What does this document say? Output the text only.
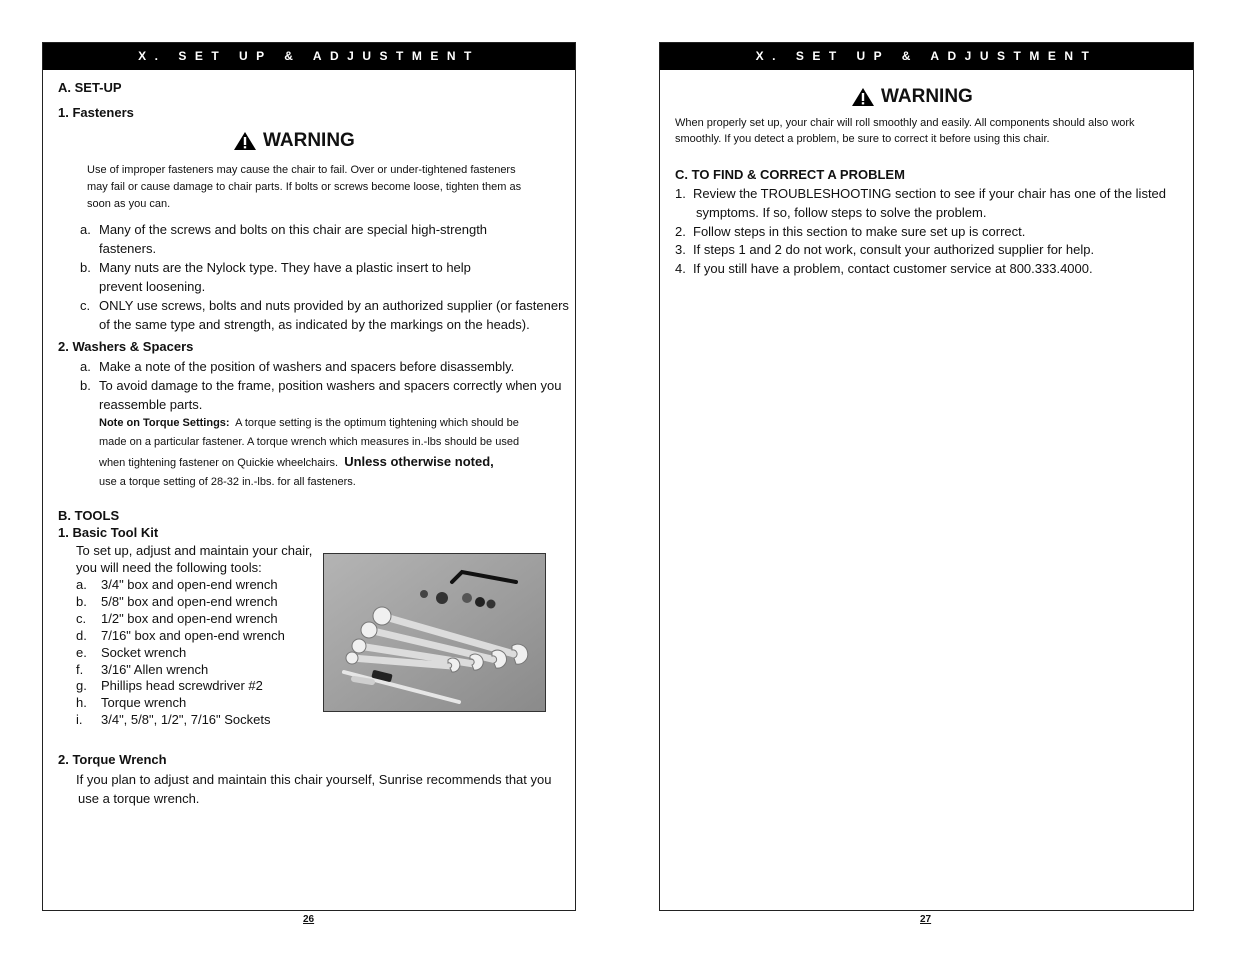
X. SET UP & ADJUSTMENT
A. SET-UP
1. Fasteners
WARNING
Use of improper fasteners may cause the chair to fail. Over or under-tightened fasteners
may fail or cause damage to chair parts. If bolts or screws become loose, tighten them as
soon as you can.
a. Many of the screws and bolts on this chair are special high-strength
fasteners.
b. Many nuts are the Nylock type. They have a plastic insert to help
prevent loosening.
c. ONLY use screws, bolts and nuts provided by an authorized supplier (or fasteners
of the same type and strength, as indicated by the markings on the heads).
2. Washers & Spacers
a. Make a note of the position of washers and spacers before disassembly.
b. To avoid damage to the frame, position washers and spacers correctly when you
reassemble parts.
Note on Torque Settings: A torque setting is the optimum tightening which should be
made on a particular fastener. A torque wrench which measures in.-lbs should be used
when tightening fastener on Quickie wheelchairs. Unless otherwise noted,
use a torque setting of 28-32 in.-lbs. for all fasteners.
B. TOOLS
1. Basic Tool Kit
To set up, adjust and maintain your chair,
you will need the following tools:
a. 3/4" box and open-end wrench
b. 5/8" box and open-end wrench
c. 1/2" box and open-end wrench
d. 7/16" box and open-end wrench
e. Socket wrench
f. 3/16" Allen wrench
g. Phillips head screwdriver #2
h. Torque wrench
i. 3/4", 5/8", 1/2", 7/16" Sockets
2. Torque Wrench
If you plan to adjust and maintain this chair yourself, Sunrise recommends that you
use a torque wrench.
26
X. SET UP & ADJUSTMENT
WARNING
When properly set up, your chair will roll smoothly and easily. All components should also work
smoothly. If you detect a problem, be sure to correct it before using this chair.
C. TO FIND & CORRECT A PROBLEM
1. Review the TROUBLESHOOTING section to see if your chair has one of the listed
symptoms. If so, follow steps to solve the problem.
2. Follow steps in this section to make sure set up is correct.
3. If steps 1 and 2 do not work, consult your authorized supplier for help.
4. If you still have a problem, contact customer service at 800.333.4000.
27
